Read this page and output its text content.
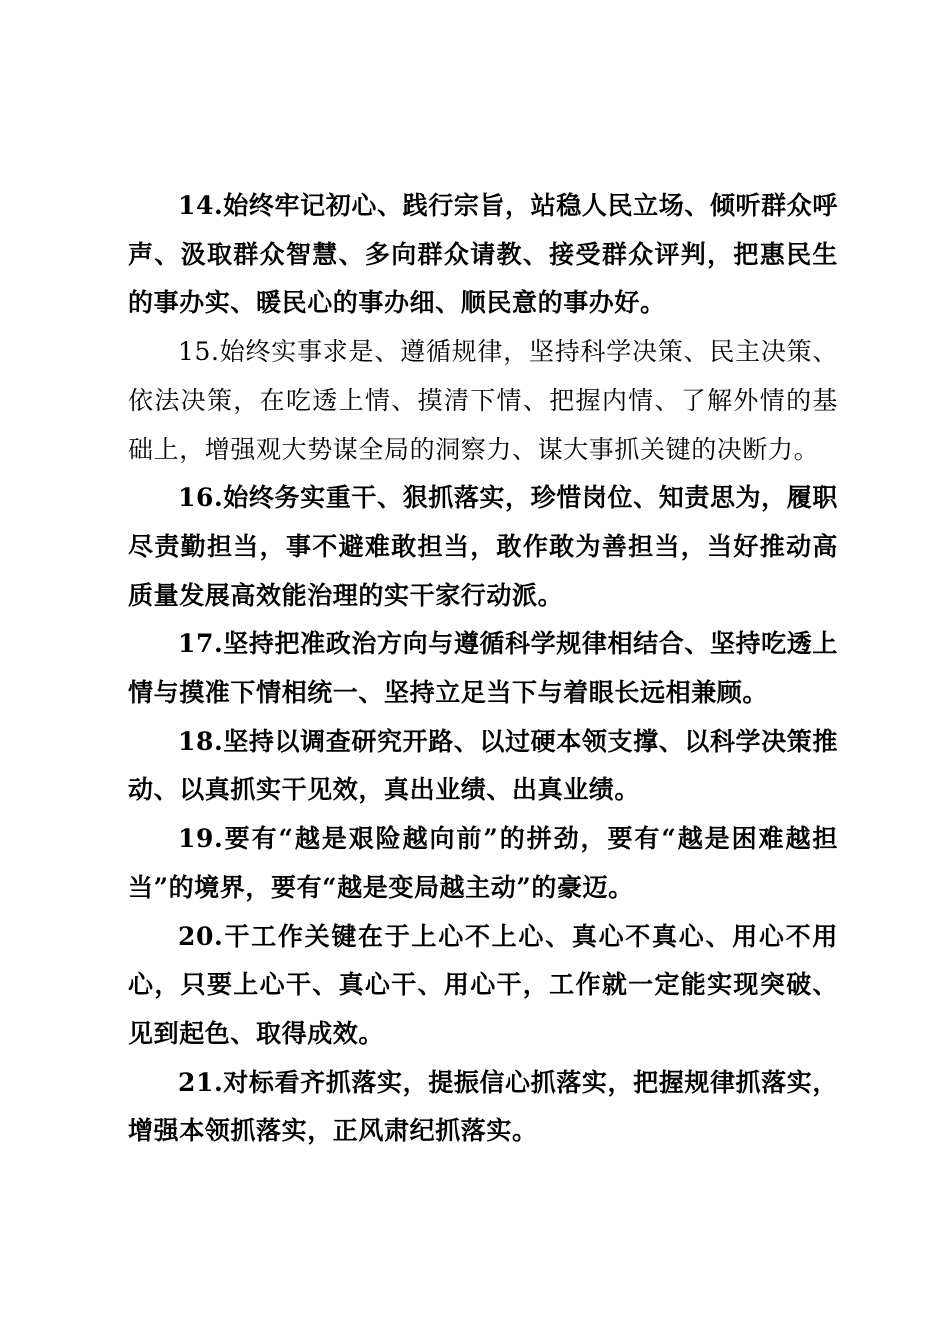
14.始终牢记初心、践行宗旨，站稳人民立场、倾听群众呼声、汲取群众智慧、多向群众请教、接受群众评判，把惠民生的事办实、暖民心的事办细、顺民意的事办好。

15.始终实事求是、遵循规律，坚持科学决策、民主决策、依法决策，在吃透上情、摸清下情、把握内情、了解外情的基础上，增强观大势谋全局的洞察力、谋大事抓关键的决断力。

16.始终务实重干、狠抓落实，珍惜岗位、知责思为，履职尽责勤担当，事不避难敢担当，敢作敢为善担当，当好推动高质量发展高效能治理的实干家行动派。

17.坚持把准政治方向与遵循科学规律相结合、坚持吃透上情与摸准下情相统一、坚持立足当下与着眼长远相兼顾。

18.坚持以调查研究开路、以过硬本领支撑、以科学决策推动、以真抓实干见效，真出业绩、出真业绩。

19.要有“越是艰险越向前”的拼劲，要有“越是困难越担当”的境界，要有“越是变局越主动”的豪迈。

20.干工作关键在于上心不上心、真心不真心、用心不用心，只要上心干、真心干、用心干，工作就一定能实现突破、见到起色、取得成效。

21.对标看齐抓落实，提振信心抓落实，把握规律抓落实，增强本领抓落实，正风肃纪抓落实。
